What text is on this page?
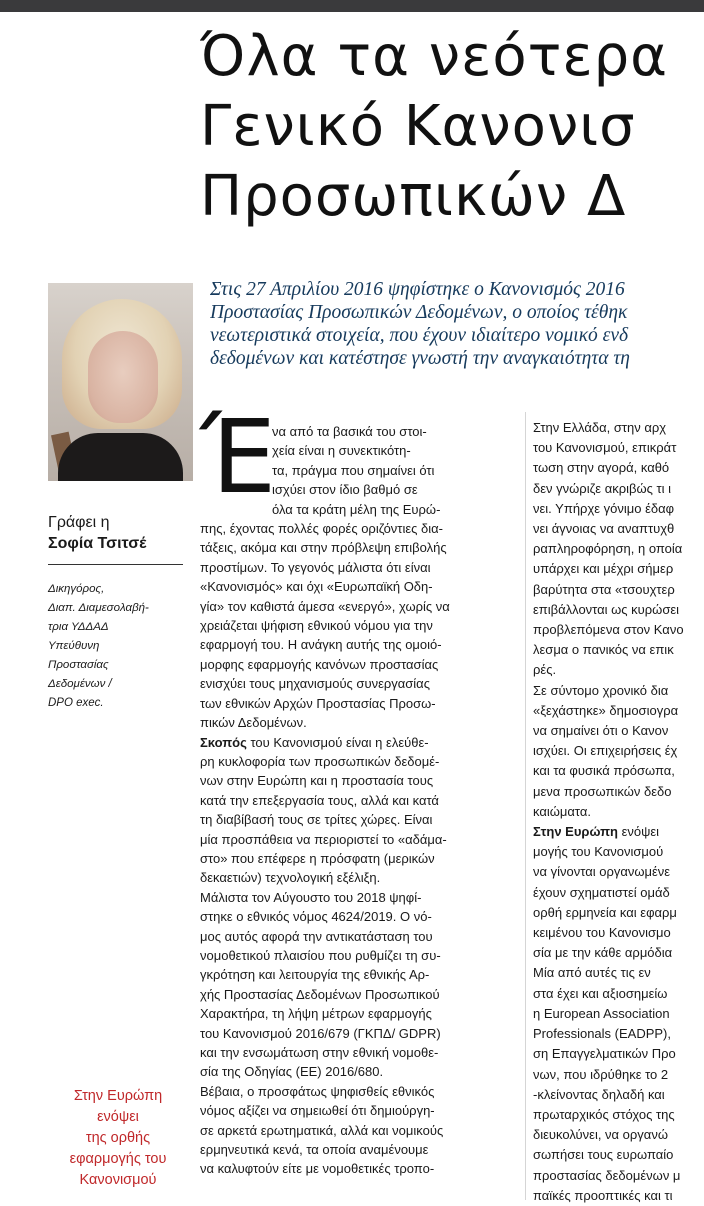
Όλα τα νεότερα
Γενικό Κανονισ
Προσωπικών Δ
Στις 27 Απριλίου 2016 ψηφίστηκε ο Κανονισμός 2016
Προστασίας Προσωπικών Δεδομένων, ο οποίος τέθηκ
νεωτεριστικά στοιχεία, που έχουν ιδιαίτερο νομικό ενδ
δεδομένων και κατέστησε γνωστή την αναγκαιότητα τη
Γράφει η
Σοφία Τσιτσέ
Δικηγόρος,
Διαπ. Διαμεσολαβή-
τρια ΥΔΔΑΔ
Υπεύθυνη
Προστασίας
Δεδομένων /
DPO exec.
Στην Ευρώπη
ενόψει
της ορθής
εφαρμογής του
Κανονισμού
Έ

να από τα βασικά του στοι-

χεία είναι η συνεκτικότη-

τα, πράγμα που σημαίνει ότι

ισχύει στον ίδιο βαθμό σε

όλα τα κράτη μέλη της Ευρώ-

πης, έχοντας πολλές φορές οριζόντιες δια-

τάξεις, ακόμα και στην πρόβλεψη επιβολής

προστίμων. Το γεγονός μάλιστα ότι είναι

«Κανονισμός» και όχι «Ευρωπαϊκή Οδη-

γία» τον καθιστά άμεσα «ενεργό», χωρίς να

χρειάζεται ψήφιση εθνικού νόμου για την

εφαρμογή του. Η ανάγκη αυτής της ομοιό-

μορφης εφαρμογής κανόνων προστασίας

ενισχύει τους μηχανισμούς συνεργασίας

των εθνικών Αρχών Προστασίας Προσω-

πικών Δεδομένων.

Σκοπός του Κανονισμού είναι η ελεύθε-

ρη κυκλοφορία των προσωπικών δεδομέ-

νων στην Ευρώπη και η προστασία τους

κατά την επεξεργασία τους, αλλά και κατά

τη διαβίβασή τους σε τρίτες χώρες. Είναι

μία προσπάθεια να περιοριστεί το «αδάμα-

στο» που επέφερε η πρόσφατη (μερικών

δεκαετιών) τεχνολογική εξέλιξη.

Μάλιστα τον Αύγουστο του 2018 ψηφί-

στηκε ο εθνικός νόμος 4624/2019. Ο νό-

μος αυτός αφορά την αντικατάσταση του

νομοθετικού πλαισίου που ρυθμίζει τη συ-

γκρότηση και λειτουργία της εθνικής Αρ-

χής Προστασίας Δεδομένων Προσωπικού

Χαρακτήρα, τη λήψη μέτρων εφαρμογής

του Κανονισμού 2016/679 (ΓΚΠΔ/ GDPR)

και την ενσωμάτωση στην εθνική νομοθε-

σία της Οδηγίας (ΕΕ) 2016/680.

Βέβαια, ο προσφάτως ψηφισθείς εθνικός

νόμος αξίζει να σημειωθεί ότι δημιούργη-

σε αρκετά ερωτηματικά, αλλά και νομικούς

ερμηνευτικά κενά, τα οποία αναμένουμε

να καλυφτούν είτε με νομοθετικές τροπο-

Στην Ελλάδα, στην αρχ

του Κανονισμού, επικράτ

τωση στην αγορά, καθό

δεν γνώριζε ακριβώς τι ι

νει. Υπήρχε γόνιμο έδαφ

νει άγνοιας να αναπτυχθ

ραπληροφόρηση, η οποία

υπάρχει και μέχρι σήμερ

βαρύτητα στα «τσουχτερ

επιβάλλονται ως κυρώσει

προβλεπόμενα στον Κανο

λεσμα ο πανικός να επικ

ρές.

Σε σύντομο χρονικό δια

«ξεχάστηκε» δημοσιογρα

να σημαίνει ότι ο Κανον

ισχύει. Οι επιχειρήσεις έχ

και τα φυσικά πρόσωπα,

μενα προσωπικών δεδο

καιώματα.

Στην Ευρώπη ενόψει

μογής του Κανονισμού

να γίνονται οργανωμένε

έχουν σχηματιστεί ομάδ

ορθή ερμηνεία και εφαρμ

κειμένου του Κανονισμο

σία με την κάθε αρμόδια

Μία από αυτές τις εν

στα έχει και αξιοσημείω

η European Association

Professionals (EADPP),

ση Επαγγελματικών Προ

νων, που ιδρύθηκε το 2

-κλείνοντας δηλαδή και

πρωταρχικός στόχος της

διευκολύνει, να οργανώ

σωπήσει τους ευρωπαίο

προστασίας δεδομένων μ

παϊκές προοπτικές και τι
